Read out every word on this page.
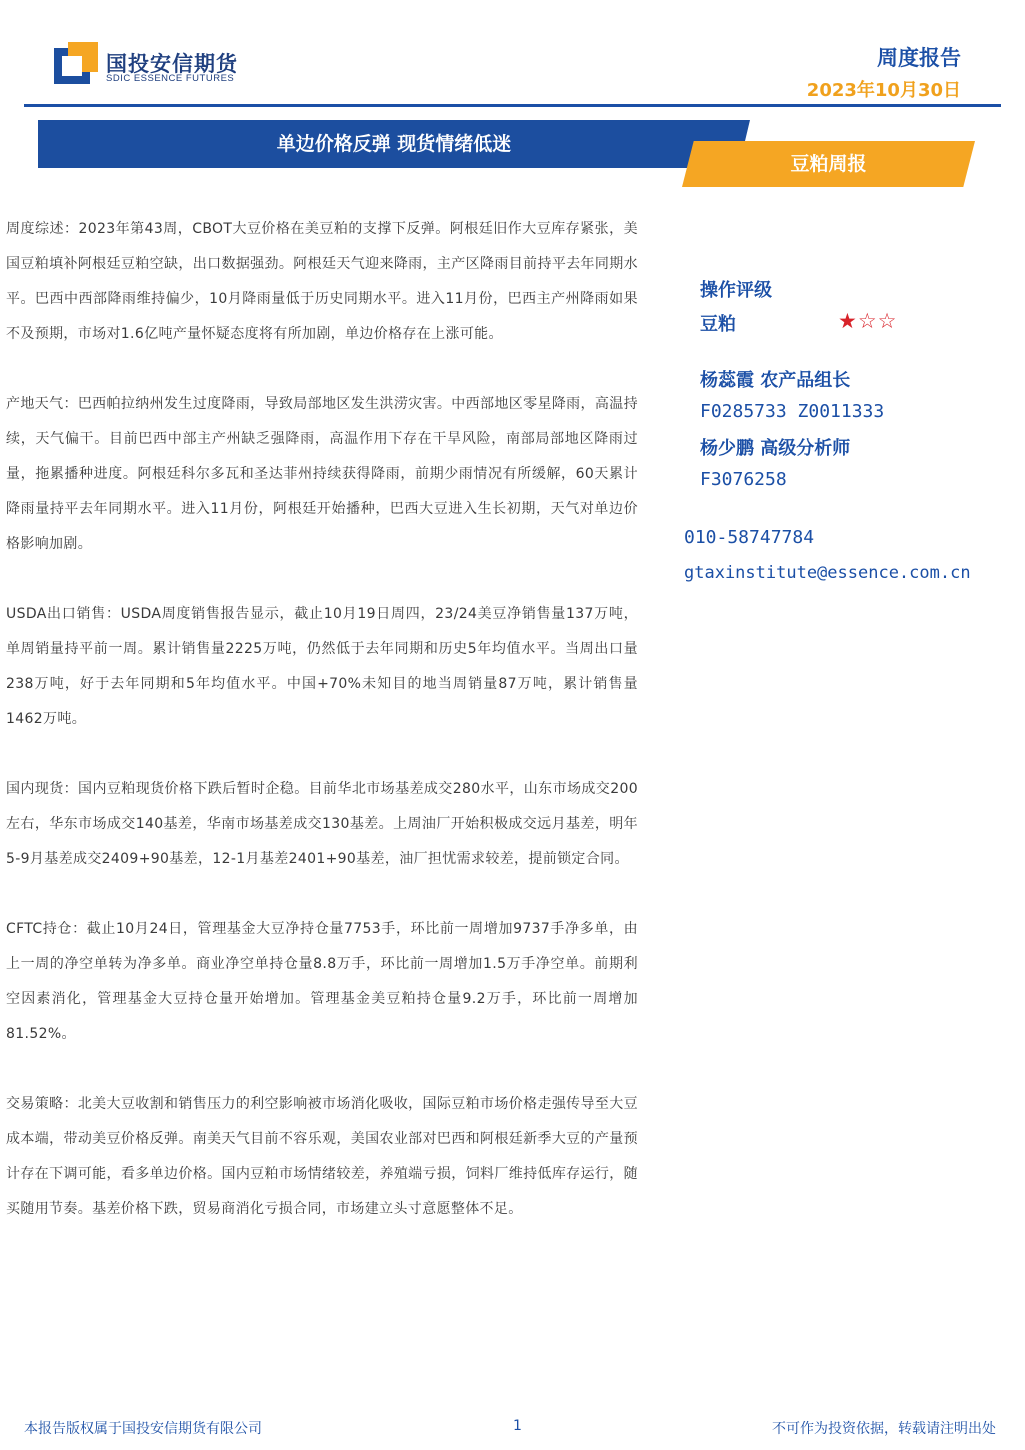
国投安信期货
SDIC ESSENCE FUTURES
周度报告
2023年10月30日
单边价格反弹 现货情绪低迷
豆粕周报

周度综述：2023年第43周，CBOT大豆价格在美豆粕的支撑下反弹。阿根廷旧作大豆库存紧张，美国豆粕填补阿根廷豆粕空缺，出口数据强劲。阿根廷天气迎来降雨，主产区降雨目前持平去年同期水平。巴西中西部降雨维持偏少，10月降雨量低于历史同期水平。进入11月份，巴西主产州降雨如果不及预期，市场对1.6亿吨产量怀疑态度将有所加剧，单边价格存在上涨可能。

产地天气：巴西帕拉纳州发生过度降雨，导致局部地区发生洪涝灾害。中西部地区零星降雨，高温持续，天气偏干。目前巴西中部主产州缺乏强降雨，高温作用下存在干旱风险，南部局部地区降雨过量，拖累播种进度。阿根廷科尔多瓦和圣达菲州持续获得降雨，前期少雨情况有所缓解，60天累计降雨量持平去年同期水平。进入11月份，阿根廷开始播种，巴西大豆进入生长初期，天气对单边价格影响加剧。

USDA出口销售：USDA周度销售报告显示，截止10月19日周四，23/24美豆净销售量137万吨，单周销量持平前一周。累计销售量2225万吨，仍然低于去年同期和历史5年均值水平。当周出口量238万吨，好于去年同期和5年均值水平。中国+70%未知目的地当周销量87万吨，累计销售量1462万吨。

国内现货：国内豆粕现货价格下跌后暂时企稳。目前华北市场基差成交280水平，山东市场成交200左右，华东市场成交140基差，华南市场基差成交130基差。上周油厂开始积极成交远月基差，明年5-9月基差成交2409+90基差，12-1月基差2401+90基差，油厂担忧需求较差，提前锁定合同。

CFTC持仓：截止10月24日，管理基金大豆净持仓量7753手，环比前一周增加9737手净多单，由上一周的净空单转为净多单。商业净空单持仓量8.8万手，环比前一周增加1.5万手净空单。前期利空因素消化，管理基金大豆持仓量开始增加。管理基金美豆粕持仓量9.2万手，环比前一周增加81.52%。

交易策略：北美大豆收割和销售压力的利空影响被市场消化吸收，国际豆粕市场价格走强传导至大豆成本端，带动美豆价格反弹。南美天气目前不容乐观，美国农业部对巴西和阿根廷新季大豆的产量预计存在下调可能，看多单边价格。国内豆粕市场情绪较差，养殖端亏损，饲料厂维持低库存运行，随买随用节奏。基差价格下跌，贸易商消化亏损合同，市场建立头寸意愿整体不足。

操作评级
豆粕	★☆☆
杨蕊霞 农产品组长
F0285733 Z0011333
杨少鹏 高级分析师
F3076258
010-58747784
gtaxinstitute@essence.com.cn
本报告版权属于国投安信期货有限公司	1	不可作为投资依据，转载请注明出处
